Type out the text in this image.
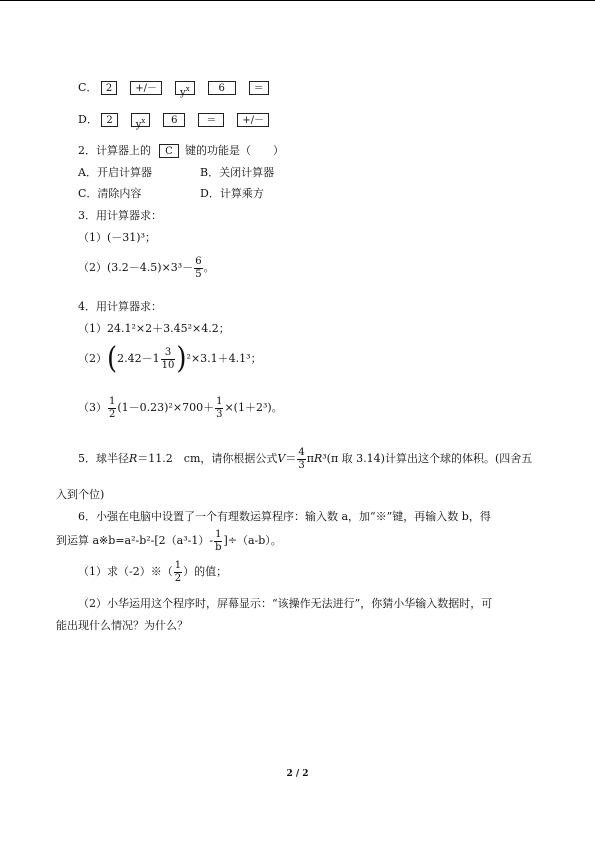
C． 2 +/－ $y^x$	6	＝
D． 2 $y^x$	6	＝	+/－
2．计算器上的 C 键的功能是（　　）
A．开启计算器	B．关闭计算器
C．清除内容	D．计算乘方
3．用计算器求：
（1）(－31)³；
$(2)(3.2-4.5)\times 3^3- \frac{6}{5}$ 。
4．用计算器求：
（1）24.1²×2＋3.45²×4.2；
$(2)(2.42-1 \frac{3}{10} )^2\times 3.1+4.1^3$；
$(3) \frac{1}{2} (1-0.23)^2\times 700+ \frac{1}{3} \times(1+2^3)$。
5．球半径R＝11.2　cm，请你根据公式$V= \frac{4}{3} \pi R^3(\pi$ 取 3.14)计算出这个球的体积。(四舍五
入到个位)
6．小强在电脑中设置了一个有理数运算程序：输入数 a，加“※”键，再输入数 b，得
到运算 a※b=a²-b²-[2（a³-1）- $\frac{1}{b} ]\div(a-b)$。
（1）求（-2）※（ $\frac{1}{2}$ ）的值；
（2）小华运用这个程序时，屏幕显示：“该操作无法进行”，你猜小华输入数据时，可
能出现什么情况？为什么？
2 / 2
